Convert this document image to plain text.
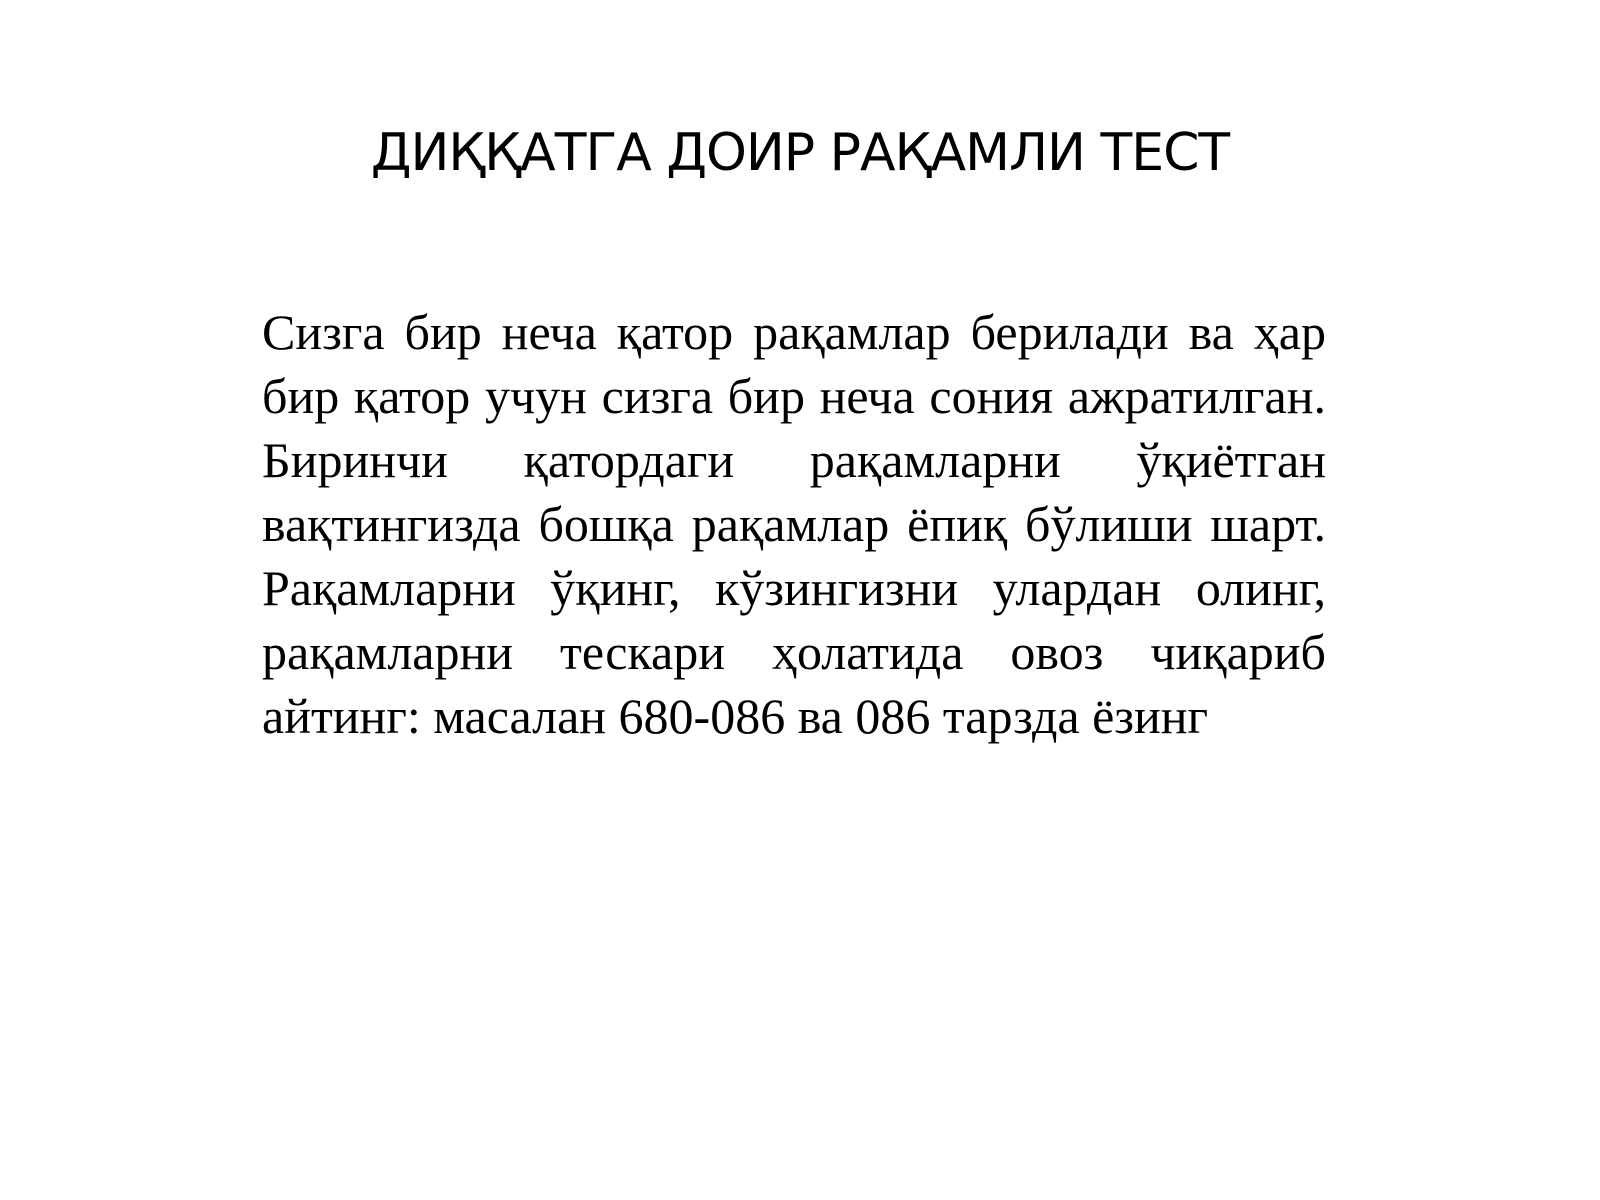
ДИҚҚАТГА ДОИР РАҚАМЛИ ТЕСТ

Сизга бир неча қатор рақамлар берилади ва ҳар бир қатор учун сизга бир неча сония ажратилган. Биринчи қатордаги рақамларни ўқиётган вақтингизда бошқа рақамлар ёпиқ бўлиши шарт. Рақамларни ўқинг, кўзингизни улардан олинг, рақамларни тескари ҳолатида овоз чиқариб айтинг: масалан 680-086 ва 086 тарзда ёзинг
